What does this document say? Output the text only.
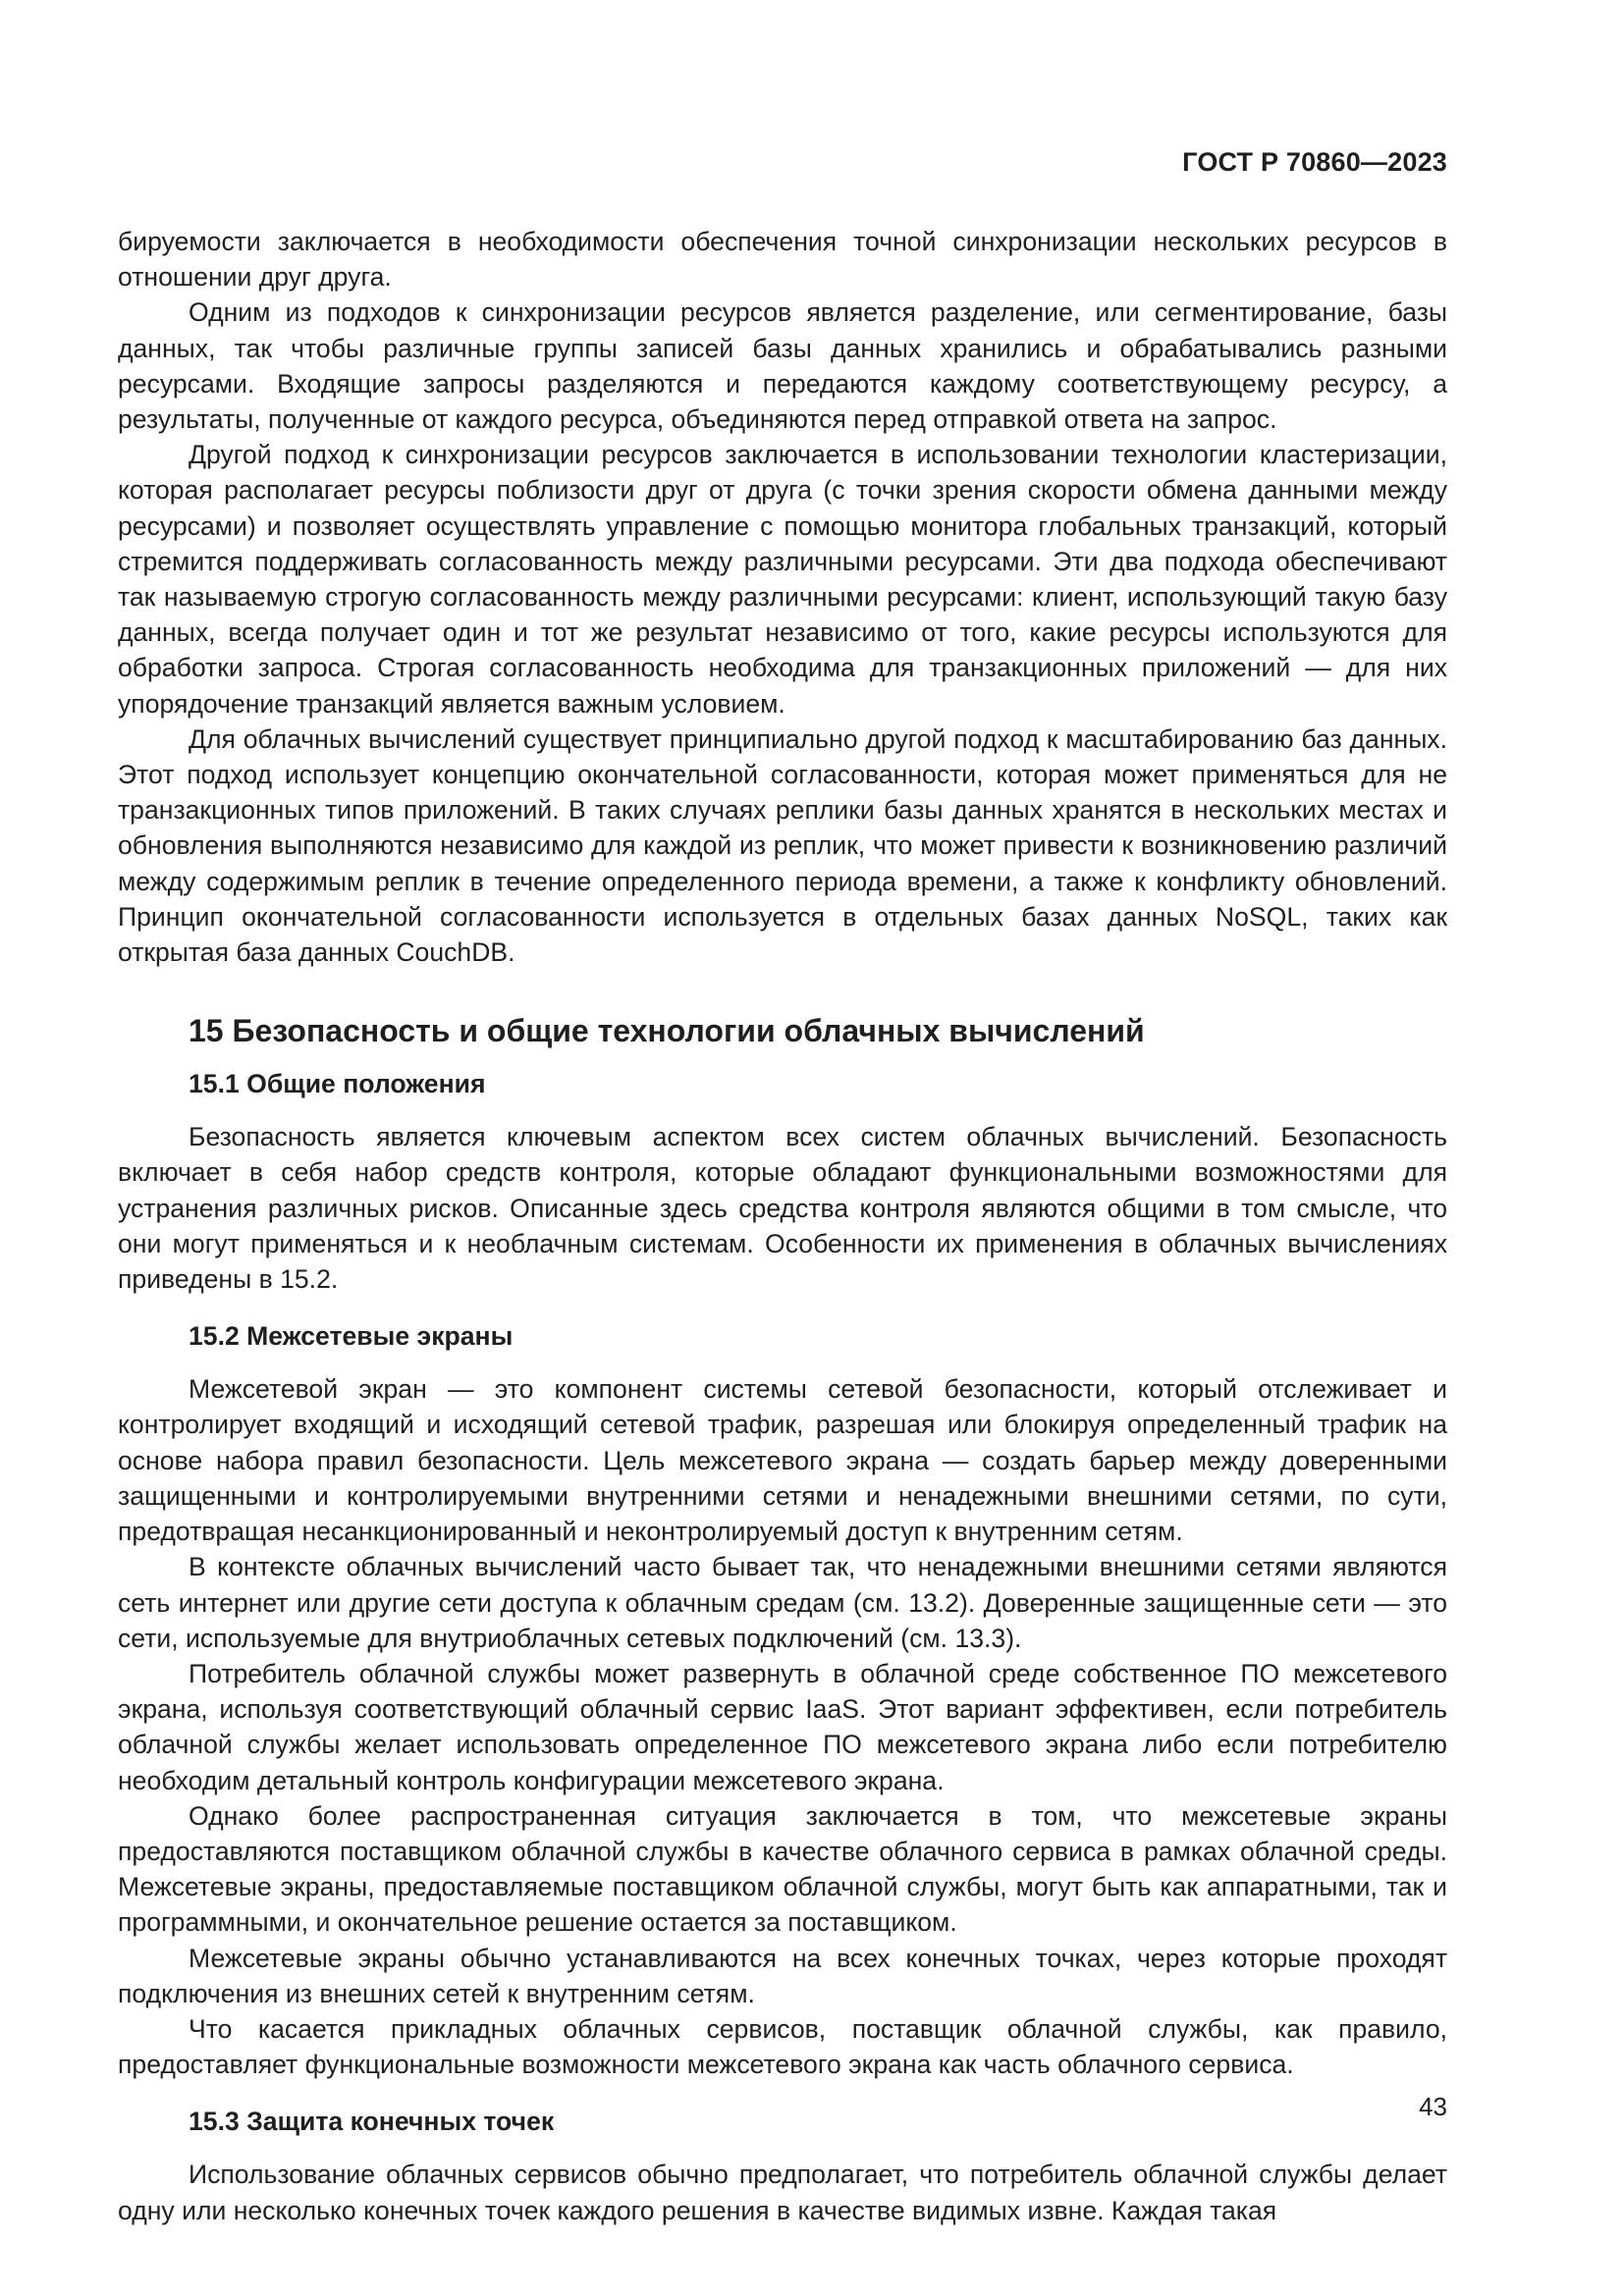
ГОСТ Р 70860—2023

бируемости заключается в необходимости обеспечения точной синхронизации нескольких ресурсов в отношении друг друга.

Одним из подходов к синхронизации ресурсов является разделение, или сегментирование, базы данных, так чтобы различные группы записей базы данных хранились и обрабатывались разными ресурсами. Входящие запросы разделяются и передаются каждому соответствующему ресурсу, а результаты, полученные от каждого ресурса, объединяются перед отправкой ответа на запрос.

Другой подход к синхронизации ресурсов заключается в использовании технологии кластеризации, которая располагает ресурсы поблизости друг от друга (с точки зрения скорости обмена данными между ресурсами) и позволяет осуществлять управление с помощью монитора глобальных транзакций, который стремится поддерживать согласованность между различными ресурсами. Эти два подхода обеспечивают так называемую строгую согласованность между различными ресурсами: клиент, использующий такую базу данных, всегда получает один и тот же результат независимо от того, какие ресурсы используются для обработки запроса. Строгая согласованность необходима для транзакционных приложений — для них упорядочение транзакций является важным условием.

Для облачных вычислений существует принципиально другой подход к масштабированию баз данных. Этот подход использует концепцию окончательной согласованности, которая может применяться для не транзакционных типов приложений. В таких случаях реплики базы данных хранятся в нескольких местах и обновления выполняются независимо для каждой из реплик, что может привести к возникновению различий между содержимым реплик в течение определенного периода времени, а также к конфликту обновлений. Принцип окончательной согласованности используется в отдельных базах данных NoSQL, таких как открытая база данных CouchDB.

15 Безопасность и общие технологии облачных вычислений
15.1 Общие положения

Безопасность является ключевым аспектом всех систем облачных вычислений. Безопасность включает в себя набор средств контроля, которые обладают функциональными возможностями для устранения различных рисков. Описанные здесь средства контроля являются общими в том смысле, что они могут применяться и к необлачным системам. Особенности их применения в облачных вычислениях приведены в 15.2.

15.2 Межсетевые экраны

Межсетевой экран — это компонент системы сетевой безопасности, который отслеживает и контролирует входящий и исходящий сетевой трафик, разрешая или блокируя определенный трафик на основе набора правил безопасности. Цель межсетевого экрана — создать барьер между доверенными защищенными и контролируемыми внутренними сетями и ненадежными внешними сетями, по сути, предотвращая несанкционированный и неконтролируемый доступ к внутренним сетям.

В контексте облачных вычислений часто бывает так, что ненадежными внешними сетями являются сеть интернет или другие сети доступа к облачным средам (см. 13.2). Доверенные защищенные сети — это сети, используемые для внутриоблачных сетевых подключений (см. 13.3).

Потребитель облачной службы может развернуть в облачной среде собственное ПО межсетевого экрана, используя соответствующий облачный сервис IaaS. Этот вариант эффективен, если потребитель облачной службы желает использовать определенное ПО межсетевого экрана либо если потребителю необходим детальный контроль конфигурации межсетевого экрана.

Однако более распространенная ситуация заключается в том, что межсетевые экраны предоставляются поставщиком облачной службы в качестве облачного сервиса в рамках облачной среды. Межсетевые экраны, предоставляемые поставщиком облачной службы, могут быть как аппаратными, так и программными, и окончательное решение остается за поставщиком.

Межсетевые экраны обычно устанавливаются на всех конечных точках, через которые проходят подключения из внешних сетей к внутренним сетям.

Что касается прикладных облачных сервисов, поставщик облачной службы, как правило, предоставляет функциональные возможности межсетевого экрана как часть облачного сервиса.

15.3 Защита конечных точек

Использование облачных сервисов обычно предполагает, что потребитель облачной службы делает одну или несколько конечных точек каждого решения в качестве видимых извне. Каждая такая

43
